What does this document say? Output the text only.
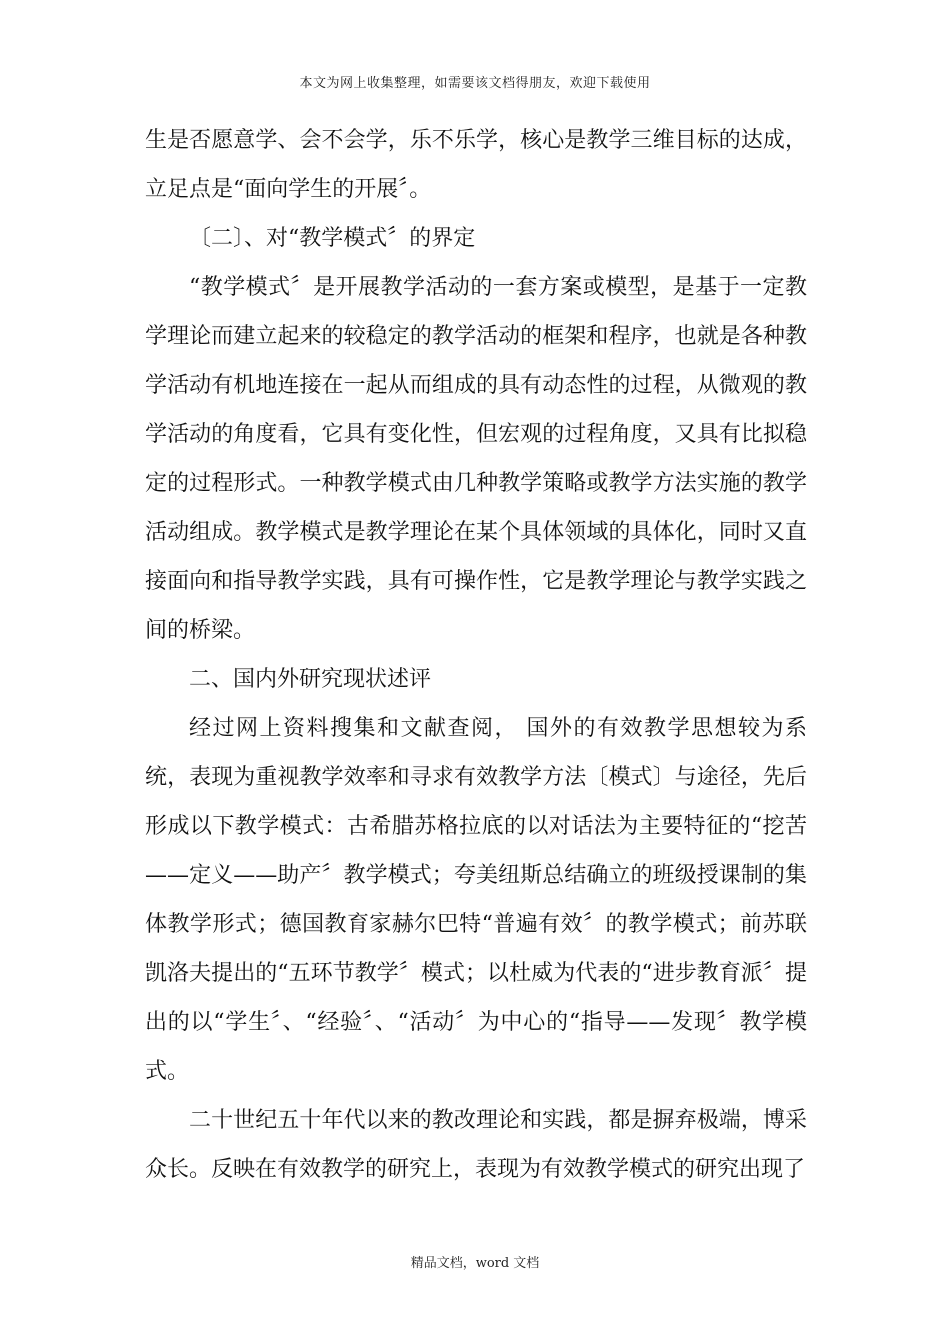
本文为网上收集整理，如需要该文档得朋友，欢迎下载使用

生是否愿意学、会不会学，乐不乐学，核心是教学三维目标的达成，立足点是“面向学生的开展〞。

〔二〕、对“教学模式〞的界定

“教学模式〞是开展教学活动的一套方案或模型，是基于一定教学理论而建立起来的较稳定的教学活动的框架和程序，也就是各种教学活动有机地连接在一起从而组成的具有动态性的过程，从微观的教学活动的角度看，它具有变化性，但宏观的过程角度，又具有比拟稳定的过程形式。一种教学模式由几种教学策略或教学方法实施的教学活动组成。教学模式是教学理论在某个具体领域的具体化，同时又直接面向和指导教学实践，具有可操作性，它是教学理论与教学实践之间的桥梁。

二、国内外研究现状述评

经过网上资料搜集和文献查阅， 国外的有效教学思想较为系统，表现为重视教学效率和寻求有效教学方法〔模式〕与途径，先后形成以下教学模式：古希腊苏格拉底的以对话法为主要特征的“挖苦——定义——助产〞教学模式；夸美纽斯总结确立的班级授课制的集体教学形式；德国教育家赫尔巴特“普遍有效〞的教学模式；前苏联凯洛夫提出的“五环节教学〞模式；以杜威为代表的“进步教育派〞提出的以“学生〞、“经验〞、“活动〞为中心的“指导——发现〞教学模式。

二十世纪五十年代以来的教改理论和实践，都是摒弃极端，博采众长。反映在有效教学的研究上，表现为有效教学模式的研究出现了

精品文档，word 文档
